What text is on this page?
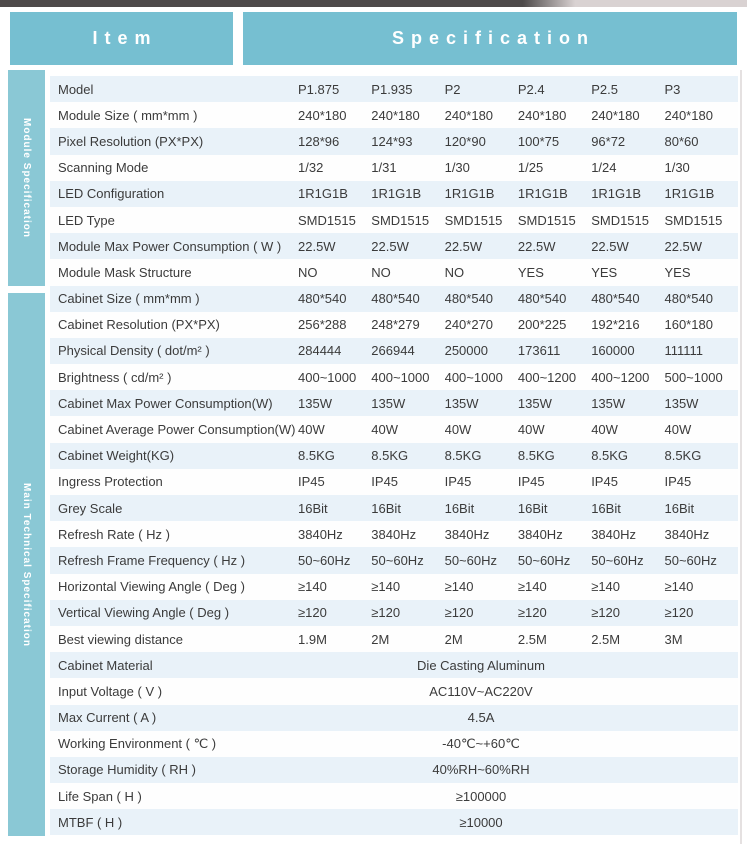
Item	Specification
Module Specification
Main Technical Specification
Model	P1.875	P1.935	P2	P2.4	P2.5	P3
Module Size ( mm*mm )	240*180	240*180	240*180	240*180	240*180	240*180
Pixel Resolution (PX*PX)	128*96	124*93	120*90	100*75	96*72	80*60
Scanning Mode	1/32	1/31	1/30	1/25	1/24	1/30
LED Configuration	1R1G1B	1R1G1B	1R1G1B	1R1G1B	1R1G1B	1R1G1B
LED Type	SMD1515	SMD1515	SMD1515	SMD1515	SMD1515	SMD1515
Module Max Power Consumption ( W )	22.5W	22.5W	22.5W	22.5W	22.5W	22.5W
Module Mask Structure	NO	NO	NO	YES	YES	YES
Cabinet Size ( mm*mm )	480*540	480*540	480*540	480*540	480*540	480*540
Cabinet Resolution (PX*PX)	256*288	248*279	240*270	200*225	192*216	160*180
Physical Density ( dot/m² )	284444	266944	250000	173611	160000	111111
Brightness ( cd/m² )	400~1000	400~1000	400~1000	400~1200	400~1200	500~1000
Cabinet Max Power Consumption(W)	135W	135W	135W	135W	135W	135W
Cabinet Average Power Consumption(W) 40W	40W	40W	40W	40W	40W
Cabinet Weight(KG)	8.5KG	8.5KG	8.5KG	8.5KG	8.5KG	8.5KG
Ingress Protection	IP45	IP45	IP45	IP45	IP45	IP45
Grey Scale	16Bit	16Bit	16Bit	16Bit	16Bit	16Bit
Refresh Rate ( Hz )	3840Hz	3840Hz	3840Hz	3840Hz	3840Hz	3840Hz
Refresh Frame Frequency ( Hz )	50~60Hz	50~60Hz	50~60Hz	50~60Hz	50~60Hz	50~60Hz
Horizontal Viewing Angle ( Deg )	≥140	≥140	≥140	≥140	≥140	≥140
Vertical Viewing Angle ( Deg )	≥120	≥120	≥120	≥120	≥120	≥120
Best viewing distance	1.9M	2M	2M	2.5M	2.5M	3M
Cabinet Material	Die Casting Aluminum
Input Voltage ( V )	AC110V~AC220V
Max Current ( A )	4.5A
Working Environment ( ℃ )	-40℃~+60℃
Storage Humidity ( RH )	40%RH~60%RH
Life Span ( H )	≥100000
MTBF ( H )	≥10000
